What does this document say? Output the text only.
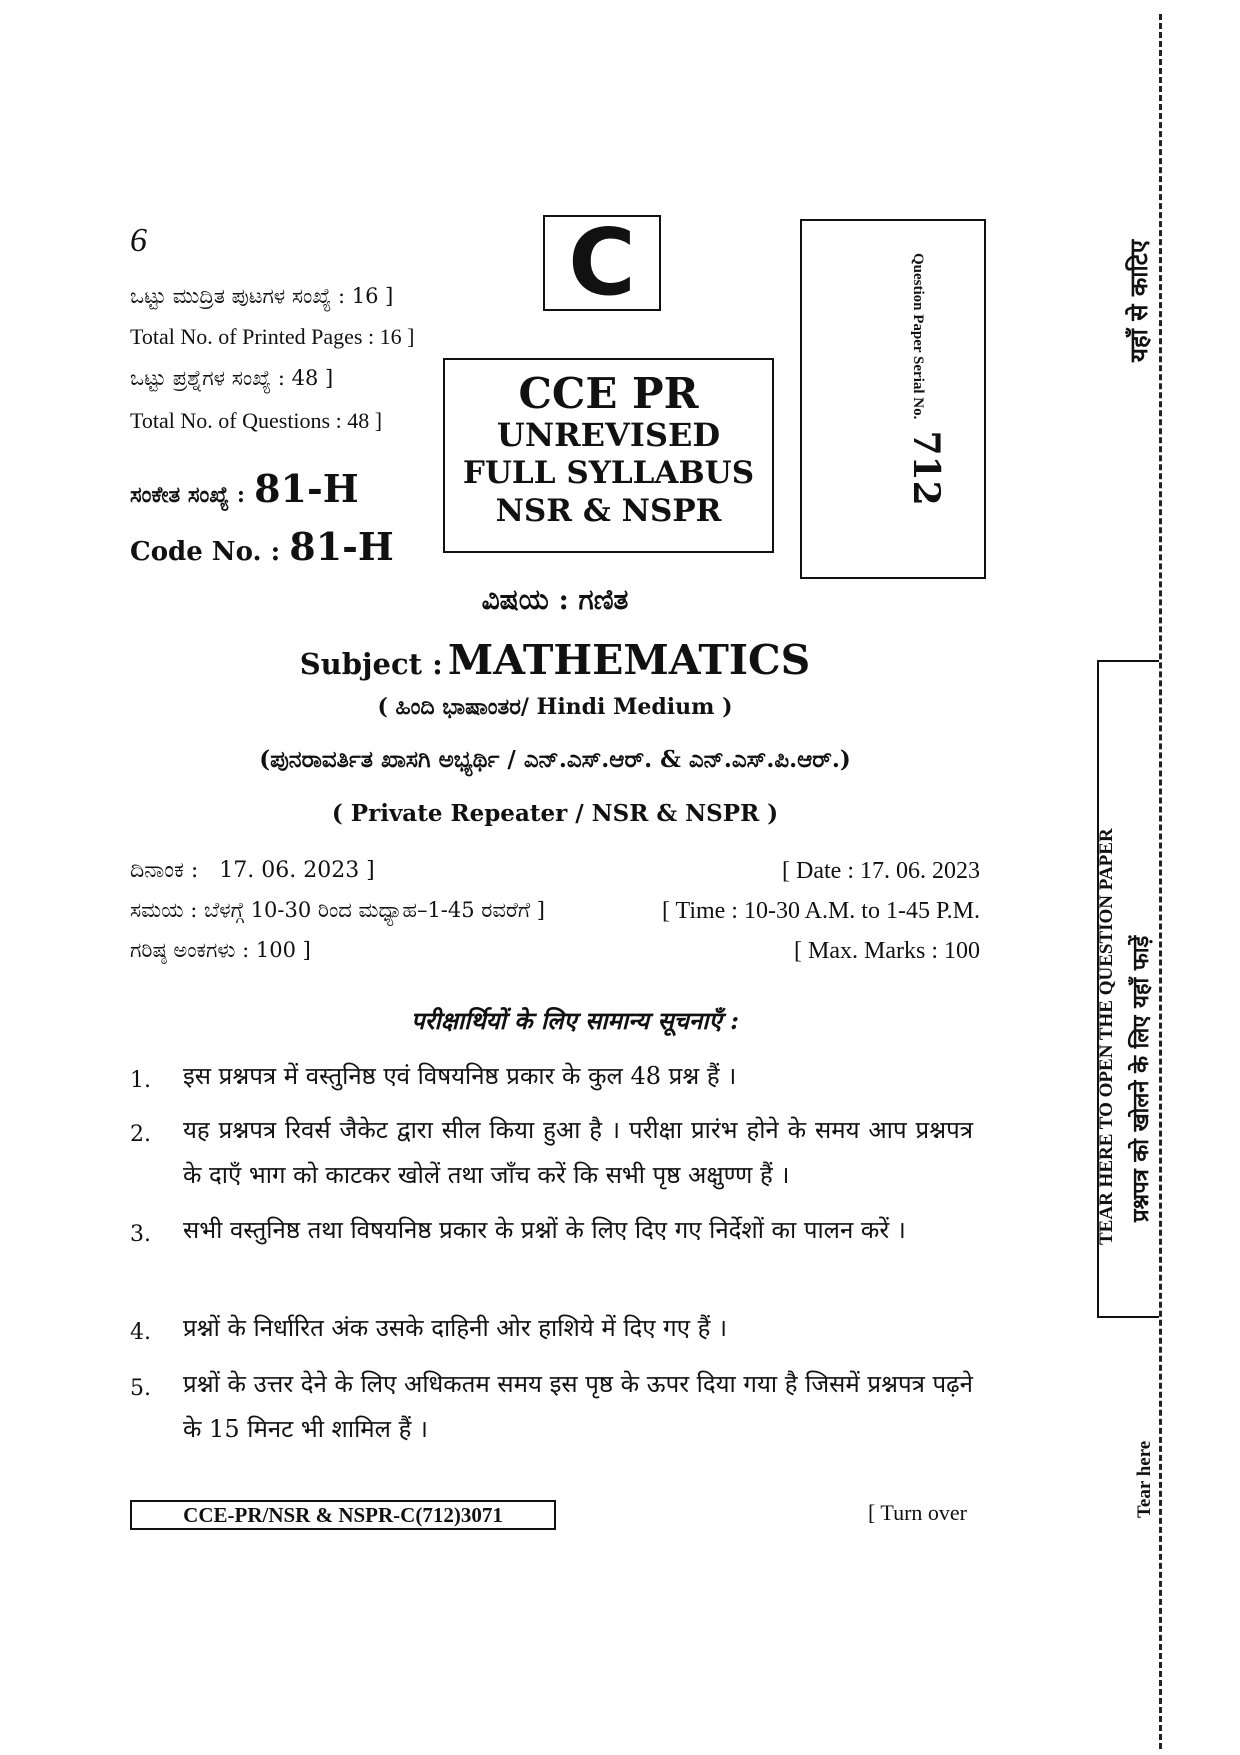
6
ಒಟ್ಟು ಮುದ್ರಿತ ಪುಟಗಳ ಸಂಖ್ಯೆ : 16 ]
Total No. of Printed Pages : 16 ]
ಒಟ್ಟು ಪ್ರಶ್ನೆಗಳ ಸಂಖ್ಯೆ : 48 ]
Total No. of Questions : 48 ]
ಸಂಕೇತ ಸಂಖ್ಯೆ : 81-H
Code No. : 81-H
C
CCE PR
UNREVISED
FULL SYLLABUS
NSR & NSPR
Question Paper Serial No. 712
ವಿಷಯ : ಗಣಿತ
Subject : MATHEMATICS
( ಹಿಂದಿ ಭಾಷಾಂತರ/ Hindi Medium )
(ಪುನರಾವರ್ತಿತ ಖಾಸಗಿ ಅಭ್ಯರ್ಥಿ / ಎನ್.ಎಸ್.ಆರ್. & ಎನ್.ಎಸ್.ಪಿ.ಆರ್.)
( Private Repeater / NSR & NSPR )
ದಿನಾಂಕ :   17. 06. 2023 ]	[ Date : 17. 06. 2023
ಸಮಯ : ಬೆಳಗ್ಗೆ 10-30 ರಿಂದ ಮಧ್ಯಾಹ–1-45 ರವರೆಗೆ ]	[ Time : 10-30 A.M. to 1-45 P.M.
ಗರಿಷ್ಠ ಅಂಕಗಳು : 100 ]	[ Max. Marks : 100
परीक्षार्थियों के लिए सामान्य सूचनाएँ :
1. इस प्रश्नपत्र में वस्तुनिष्ठ एवं विषयनिष्ठ प्रकार के कुल 48 प्रश्न हैं ।
2. यह प्रश्नपत्र रिवर्स जैकेट द्वारा सील किया हुआ है । परीक्षा प्रारंभ होने के समय आप प्रश्नपत्र के दाएँ भाग को काटकर खोलें तथा जाँच करें कि सभी पृष्ठ अक्षुण्ण हैं ।
3. सभी वस्तुनिष्ठ तथा विषयनिष्ठ प्रकार के प्रश्नों के लिए दिए गए निर्देशों का पालन करें ।
4. प्रश्नों के निर्धारित अंक उसके दाहिनी ओर हाशिये में दिए गए हैं ।
5. प्रश्नों के उत्तर देने के लिए अधिकतम समय इस पृष्ठ के ऊपर दिया गया है जिसमें प्रश्नपत्र पढ़ने के 15 मिनट भी शामिल हैं ।
CCE-PR/NSR & NSPR-C(712)3071	[ Turn over
यहाँ से काटिए
TEAR HERE TO OPEN THE QUESTION PAPER प्रश्नपत्र को खोलने के लिए यहाँ फाड़ें
Tear here
